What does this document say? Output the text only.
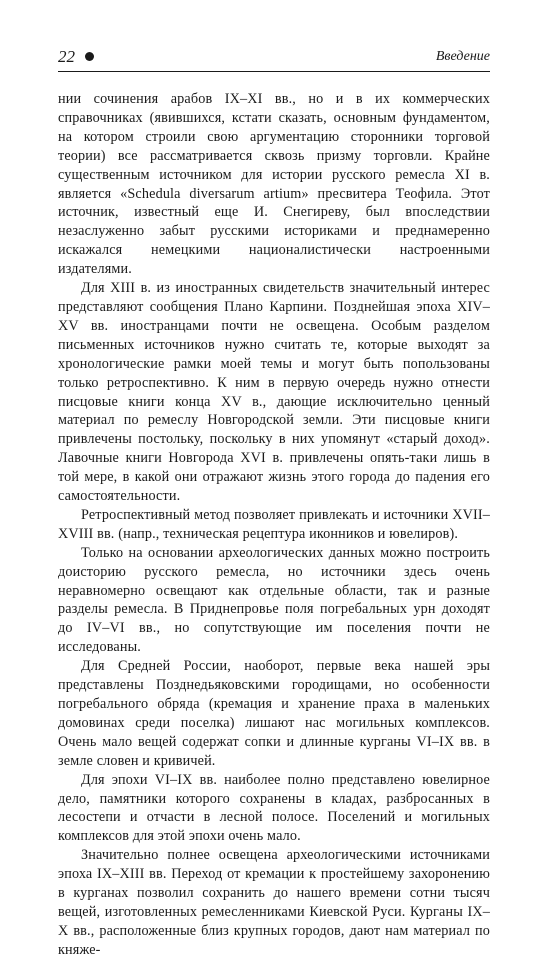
22	Введение

нии сочинения арабов IX–XI вв., но и в их коммерческих справочниках (явившихся, кстати сказать, основным фундаментом, на котором строили свою аргументацию сторонники торговой теории) все рассматривается сквозь призму торговли. Крайне существенным источником для истории русского ремесла XI в. является «Schedula diversarum artium» пресвитера Теофила. Этот источник, известный еще И. Снегиреву, был впоследствии незаслуженно забыт русскими историками и преднамеренно искажался немецкими националистически настроенными издателями.

Для XIII в. из иностранных свидетельств значительный интерес представляют сообщения Плано Карпини. Позднейшая эпоха XIV–XV вв. иностранцами почти не освещена. Особым разделом письменных источников нужно считать те, которые выходят за хронологические рамки моей темы и могут быть попользованы только ретроспективно. К ним в первую очередь нужно отнести писцовые книги конца XV в., дающие исключительно ценный материал по ремеслу Новгородской земли. Эти писцовые книги привлечены постольку, поскольку в них упомянут «старый доход». Лавочные книги Новгорода XVI в. привлечены опять-таки лишь в той мере, в какой они отражают жизнь этого города до падения его самостоятельности.

Ретроспективный метод позволяет привлекать и источники XVII–XVIII вв. (напр., техническая рецептура иконников и ювелиров).

Только на основании археологических данных можно построить доисторию русского ремесла, но источники здесь очень неравномерно освещают как отдельные области, так и разные разделы ремесла. В Приднепровье поля погребальных урн доходят до IV–VI вв., но сопутствующие им поселения почти не исследованы.

Для Средней России, наоборот, первые века нашей эры представлены Позднедьяковскими городищами, но особенности погребального обряда (кремация и хранение праха в маленьких домовинах среди поселка) лишают нас могильных комплексов. Очень мало вещей содержат сопки и длинные курганы VI–IX вв. в земле словен и кривичей.

Для эпохи VI–IX вв. наиболее полно представлено ювелирное дело, памятники которого сохранены в кладах, разбросанных в лесостепи и отчасти в лесной полосе. Поселений и могильных комплексов для этой эпохи очень мало.

Значительно полнее освещена археологическими источниками эпоха IX–XIII вв. Переход от кремации к простейшему захоронению в курганах позволил сохранить до нашего времени сотни тысяч вещей, изготовленных ремесленниками Киевской Руси. Курганы IX–X вв., расположенные близ крупных городов, дают нам материал по княже-
